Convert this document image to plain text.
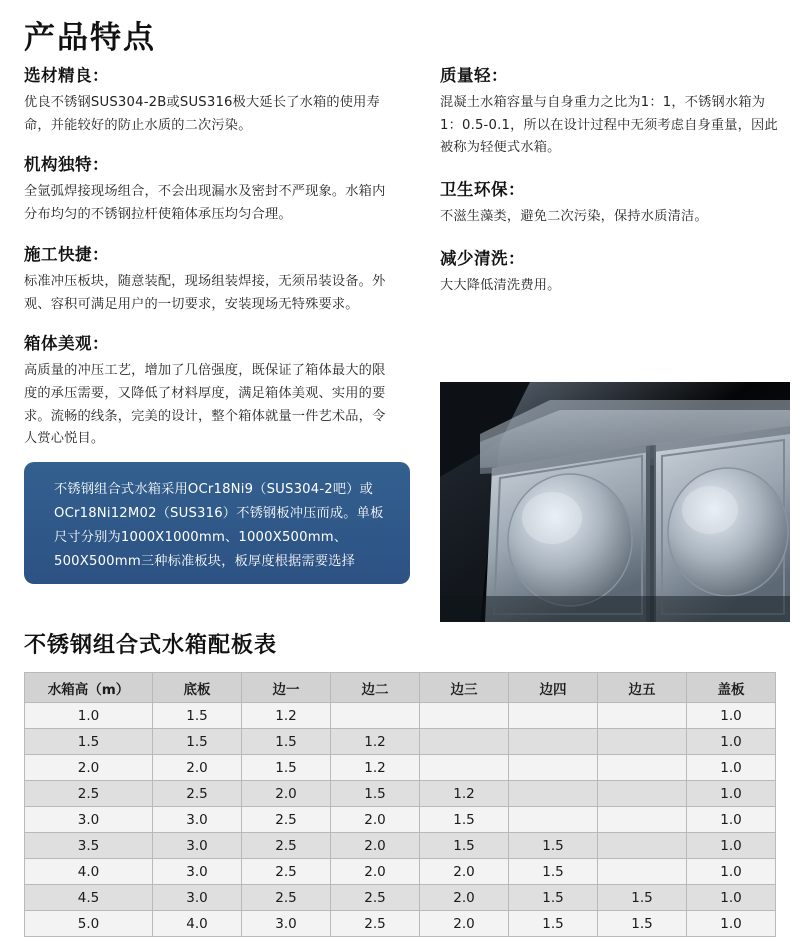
产品特点
选材精良：
优良不锈钢SUS304-2B或SUS316极大延长了水箱的使用寿命，并能较好的防止水质的二次污染。
机构独特：
全氩弧焊接现场组合，不会出现漏水及密封不严现象。水箱内分布均匀的不锈钢拉杆使箱体承压均匀合理。
施工快捷：
标准冲压板块，随意装配，现场组装焊接，无须吊装设备。外观、容积可满足用户的一切要求，安装现场无特殊要求。
箱体美观：
高质量的冲压工艺，增加了几倍强度，既保证了箱体最大的限度的承压需要，又降低了材料厚度，满足箱体美观、实用的要求。流畅的线条，完美的设计，整个箱体就量一件艺术品，令人赏心悦目。
质量轻：
混凝土水箱容量与自身重力之比为1：1，不锈钢水箱为1：0.5-0.1，所以在设计过程中无须考虑自身重量，因此被称为轻便式水箱。
卫生环保：
不滋生藻类，避免二次污染，保持水质清洁。
减少清洗：
大大降低清洗费用。
不锈钢组合式水箱采用OCr18Ni9（SUS304-2吧）或OCr18Ni12M02（SUS316）不锈钢板冲压而成。单板尺寸分别为1000X1000mm、1000X500mm、500X500mm三种标准板块，板厚度根据需要选择
不锈钢组合式水箱配板表
水箱高（m）	底板	边一	边二	边三	边四	边五	盖板
1.0	1.5	1.2					1.0
1.5	1.5	1.5	1.2				1.0
2.0	2.0	1.5	1.2				1.0
2.5	2.5	2.0	1.5	1.2			1.0
3.0	3.0	2.5	2.0	1.5			1.0
3.5	3.0	2.5	2.0	1.5	1.5		1.0
4.0	3.0	2.5	2.0	2.0	1.5		1.0
4.5	3.0	2.5	2.5	2.0	1.5	1.5	1.0
5.0	4.0	3.0	2.5	2.0	1.5	1.5	1.0
